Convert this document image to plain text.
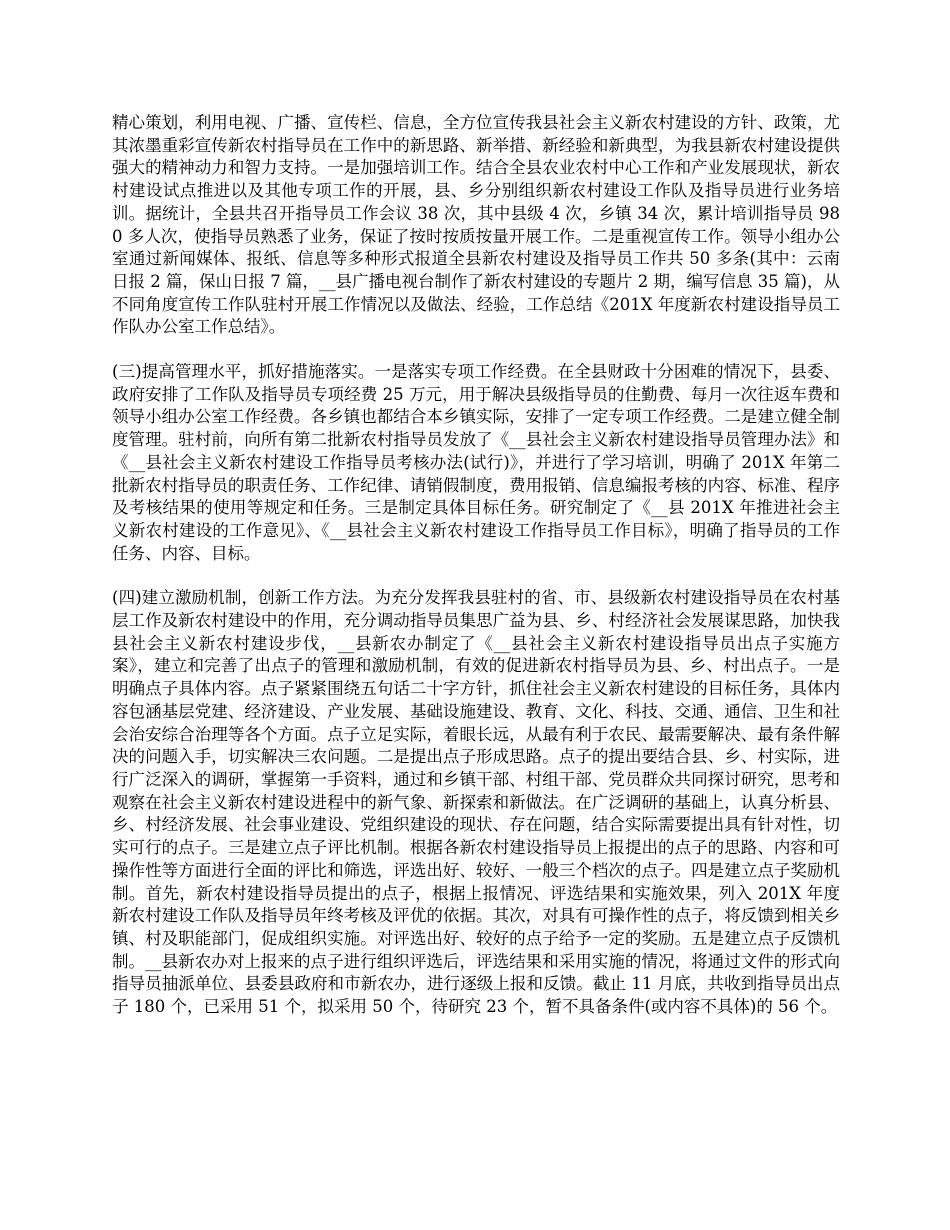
精心策划，利用电视、广播、宣传栏、信息，全方位宣传我县社会主义新农村建设的方针、政策，尤其浓墨重彩宣传新农村指导员在工作中的新思路、新举措、新经验和新典型，为我县新农村建设提供强大的精神动力和智力支持。一是加强培训工作。结合全县农业农村中心工作和产业发展现状，新农村建设试点推进以及其他专项工作的开展，县、乡分别组织新农村建设工作队及指导员进行业务培训。据统计，全县共召开指导员工作会议 38 次，其中县级 4 次，乡镇 34 次，累计培训指导员 980 多人次，使指导员熟悉了业务，保证了按时按质按量开展工作。二是重视宣传工作。领导小组办公室通过新闻媒体、报纸、信息等多种形式报道全县新农村建设及指导员工作共 50 多条(其中：云南日报 2 篇，保山日报 7 篇，__县广播电视台制作了新农村建设的专题片 2 期，编写信息 35 篇)，从不同角度宣传工作队驻村开展工作情况以及做法、经验，工作总结《201X 年度新农村建设指导员工作队办公室工作总结》。

(三)提高管理水平，抓好措施落实。一是落实专项工作经费。在全县财政十分困难的情况下，县委、政府安排了工作队及指导员专项经费 25 万元，用于解决县级指导员的住勤费、每月一次往返车费和领导小组办公室工作经费。各乡镇也都结合本乡镇实际，安排了一定专项工作经费。二是建立健全制度管理。驻村前，向所有第二批新农村指导员发放了《__县社会主义新农村建设指导员管理办法》和《__县社会主义新农村建设工作指导员考核办法(试行)》，并进行了学习培训，明确了 201X 年第二批新农村指导员的职责任务、工作纪律、请销假制度，费用报销、信息编报考核的内容、标准、程序及考核结果的使用等规定和任务。三是制定具体目标任务。研究制定了《__县 201X 年推进社会主义新农村建设的工作意见》、《__县社会主义新农村建设工作指导员工作目标》，明确了指导员的工作任务、内容、目标。

(四)建立激励机制，创新工作方法。为充分发挥我县驻村的省、市、县级新农村建设指导员在农村基层工作及新农村建设中的作用，充分调动指导员集思广益为县、乡、村经济社会发展谋思路，加快我县社会主义新农村建设步伐，__县新农办制定了《__县社会主义新农村建设指导员出点子实施方案》，建立和完善了出点子的管理和激励机制，有效的促进新农村指导员为县、乡、村出点子。一是明确点子具体内容。点子紧紧围绕五句话二十字方针，抓住社会主义新农村建设的目标任务，具体内容包涵基层党建、经济建设、产业发展、基础设施建设、教育、文化、科技、交通、通信、卫生和社会治安综合治理等各个方面。点子立足实际，着眼长远，从最有利于农民、最需要解决、最有条件解决的问题入手，切实解决三农问题。二是提出点子形成思路。点子的提出要结合县、乡、村实际，进行广泛深入的调研，掌握第一手资料，通过和乡镇干部、村组干部、党员群众共同探讨研究，思考和观察在社会主义新农村建设进程中的新气象、新探索和新做法。在广泛调研的基础上，认真分析县、乡、村经济发展、社会事业建设、党组织建设的现状、存在问题，结合实际需要提出具有针对性，切实可行的点子。三是建立点子评比机制。根据各新农村建设指导员上报提出的点子的思路、内容和可操作性等方面进行全面的评比和筛选，评选出好、较好、一般三个档次的点子。四是建立点子奖励机制。首先，新农村建设指导员提出的点子，根据上报情况、评选结果和实施效果，列入 201X 年度新农村建设工作队及指导员年终考核及评优的依据。其次，对具有可操作性的点子，将反馈到相关乡镇、村及职能部门，促成组织实施。对评选出好、较好的点子给予一定的奖励。五是建立点子反馈机制。__县新农办对上报来的点子进行组织评选后，评选结果和采用实施的情况，将通过文件的形式向指导员抽派单位、县委县政府和市新农办，进行逐级上报和反馈。截止 11 月底，共收到指导员出点子 180 个，已采用 51 个，拟采用 50 个，待研究 23 个，暂不具备条件(或内容不具体)的 56 个。
